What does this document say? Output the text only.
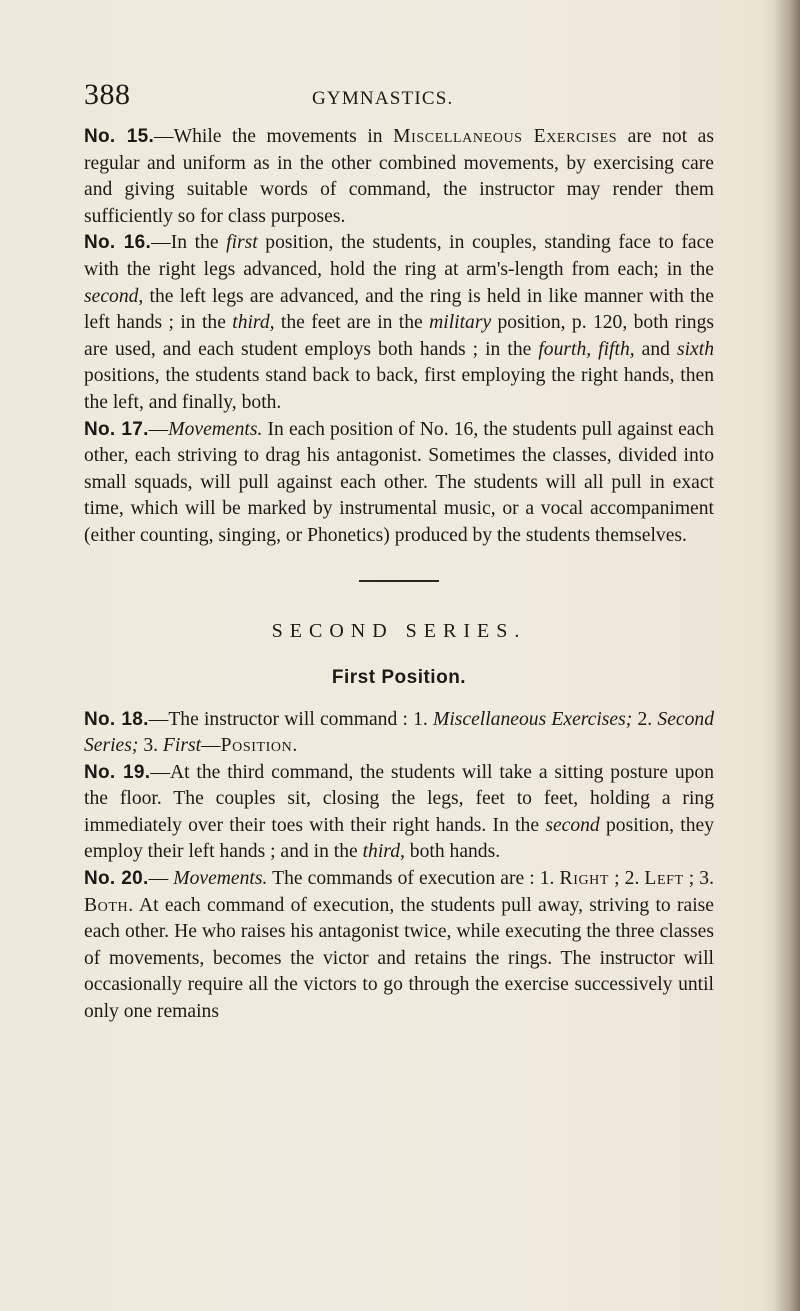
388	GYMNASTICS.

No. 15.—While the movements in Miscellaneous Exercises are not as regular and uniform as in the other combined movements, by exercising care and giving suitable words of command, the instructor may render them sufficiently so for class purposes.

No. 16.—In the first position, the students, in couples, standing face to face with the right legs advanced, hold the ring at arm's-length from each; in the second, the left legs are advanced, and the ring is held in like manner with the left hands ; in the third, the feet are in the military position, p. 120, both rings are used, and each student employs both hands ; in the fourth, fifth, and sixth positions, the students stand back to back, first employing the right hands, then the left, and finally, both.

No. 17.—Movements. In each position of No. 16, the students pull against each other, each striving to drag his antagonist. Sometimes the classes, divided into small squads, will pull against each other. The students will all pull in exact time, which will be marked by instrumental music, or a vocal accompaniment (either counting, singing, or Phonetics) produced by the students themselves.

SECOND SERIES.
First Position.

No. 18.—The instructor will command : 1. Miscellaneous Exercises; 2. Second Series; 3. First—Position.

No. 19.—At the third command, the students will take a sitting posture upon the floor. The couples sit, closing the legs, feet to feet, holding a ring immediately over their toes with their right hands. In the second position, they employ their left hands ; and in the third, both hands.

No. 20.— Movements. The commands of execution are : 1. Right ; 2. Left ; 3. Both. At each command of execution, the students pull away, striving to raise each other. He who raises his antagonist twice, while executing the three classes of movements, becomes the victor and retains the rings. The instructor will occasionally require all the victors to go through the exercise successively until only one remains
